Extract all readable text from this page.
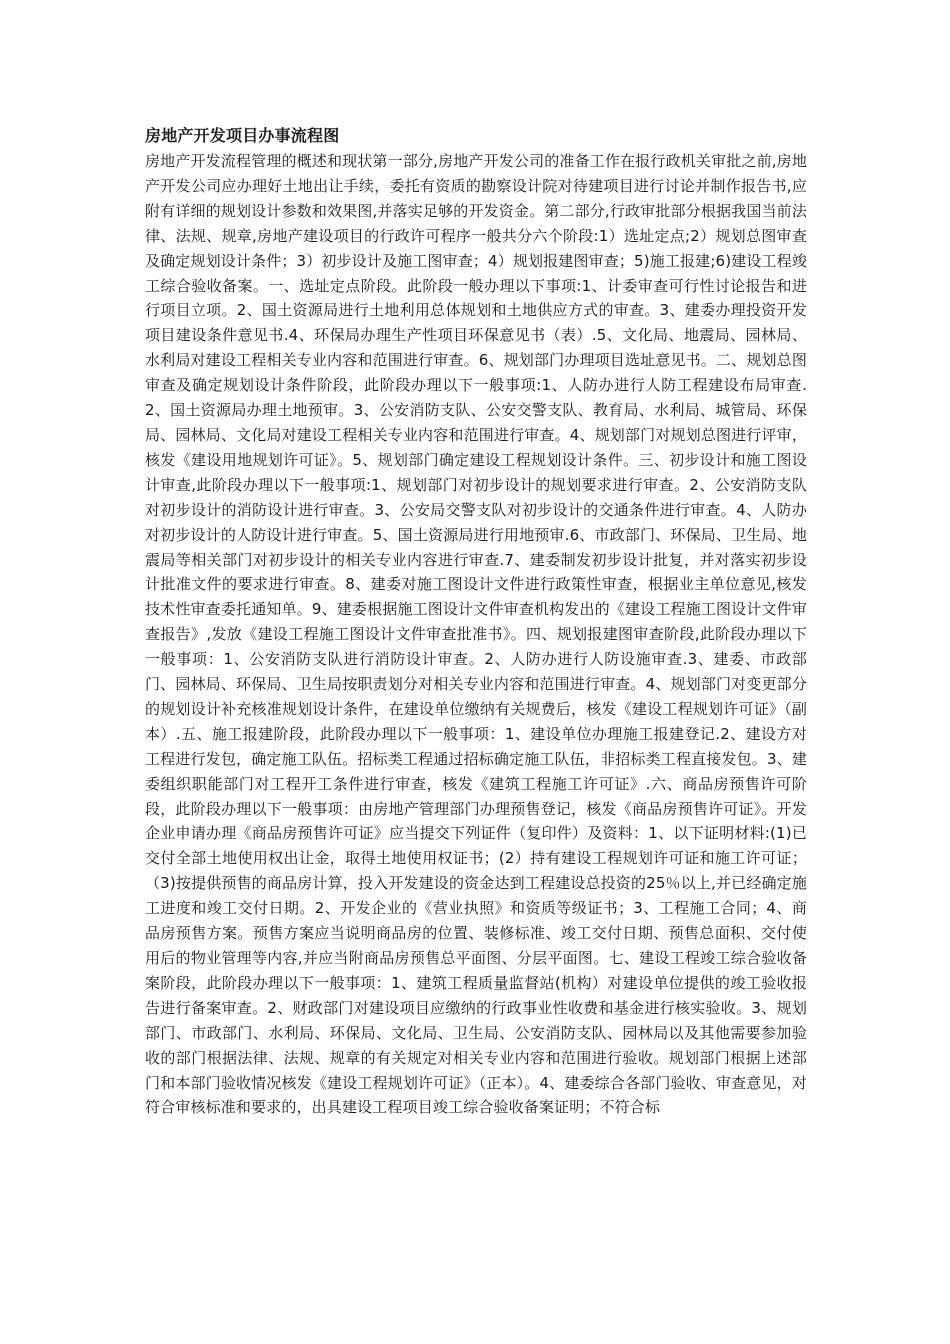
房地产开发项目办事流程图

房地产开发流程管理的概述和现状第一部分,房地产开发公司的准备工作在报行政机关审批之前,房地产开发公司应办理好土地出让手续，委托有资质的勘察设计院对待建项目进行讨论并制作报告书,应附有详细的规划设计参数和效果图,并落实足够的开发资金。第二部分,行政审批部分根据我国当前法律、法规、规章,房地产建设项目的行政许可程序一般共分六个阶段:1）选址定点;2）规划总图审查及确定规划设计条件；3）初步设计及施工图审查；4）规划报建图审查；5)施工报建;6)建设工程竣工综合验收备案。一、选址定点阶段。此阶段一般办理以下事项:1、计委审查可行性讨论报告和进行项目立项。2、国土资源局进行土地利用总体规划和土地供应方式的审查。3、建委办理投资开发项目建设条件意见书.4、环保局办理生产性项目环保意见书（表）.5、文化局、地震局、园林局、水利局对建设工程相关专业内容和范围进行审查。6、规划部门办理项目选址意见书。二、规划总图审查及确定规划设计条件阶段，此阶段办理以下一般事项:1、人防办进行人防工程建设布局审查.2、国土资源局办理土地预审。3、公安消防支队、公安交警支队、教育局、水利局、城管局、环保局、园林局、文化局对建设工程相关专业内容和范围进行审查。4、规划部门对规划总图进行评审，核发《建设用地规划许可证》。5、规划部门确定建设工程规划设计条件。三、初步设计和施工图设计审查,此阶段办理以下一般事项:1、规划部门对初步设计的规划要求进行审查。2、公安消防支队对初步设计的消防设计进行审查。3、公安局交警支队对初步设计的交通条件进行审查。4、人防办对初步设计的人防设计进行审查。5、国土资源局进行用地预审.6、市政部门、环保局、卫生局、地震局等相关部门对初步设计的相关专业内容进行审查.7、建委制发初步设计批复，并对落实初步设计批准文件的要求进行审查。8、建委对施工图设计文件进行政策性审查，根据业主单位意见,核发技术性审查委托通知单。9、建委根据施工图设计文件审查机构发出的《建设工程施工图设计文件审查报告》,发放《建设工程施工图设计文件审查批准书》。四、规划报建图审查阶段,此阶段办理以下一般事项：1、公安消防支队进行消防设计审查。2、人防办进行人防设施审查.3、建委、市政部门、园林局、环保局、卫生局按职责划分对相关专业内容和范围进行审查。4、规划部门对变更部分的规划设计补充核准规划设计条件，在建设单位缴纳有关规费后，核发《建设工程规划许可证》（副本）.五、施工报建阶段，此阶段办理以下一般事项：1、建设单位办理施工报建登记.2、建设方对工程进行发包，确定施工队伍。招标类工程通过招标确定施工队伍，非招标类工程直接发包。3、建委组织职能部门对工程开工条件进行审查，核发《建筑工程施工许可证》.六、商品房预售许可阶段，此阶段办理以下一般事项：由房地产管理部门办理预售登记，核发《商品房预售许可证》。开发企业申请办理《商品房预售许可证》应当提交下列证件（复印件）及资料：1、以下证明材料:(1)已交付全部土地使用权出让金，取得土地使用权证书；(2）持有建设工程规划许可证和施工许可证；（3)按提供预售的商品房计算，投入开发建设的资金达到工程建设总投资的25％以上,并已经确定施工进度和竣工交付日期。2、开发企业的《营业执照》和资质等级证书；3、工程施工合同；4、商品房预售方案。预售方案应当说明商品房的位置、装修标准、竣工交付日期、预售总面积、交付使用后的物业管理等内容,并应当附商品房预售总平面图、分层平面图。七、建设工程竣工综合验收备案阶段，此阶段办理以下一般事项：1、建筑工程质量监督站(机构）对建设单位提供的竣工验收报告进行备案审查。2、财政部门对建设项目应缴纳的行政事业性收费和基金进行核实验收。3、规划部门、市政部门、水利局、环保局、文化局、卫生局、公安消防支队、园林局以及其他需要参加验收的部门根据法律、法规、规章的有关规定对相关专业内容和范围进行验收。规划部门根据上述部门和本部门验收情况核发《建设工程规划许可证》（正本）。4、建委综合各部门验收、审查意见，对符合审核标准和要求的，出具建设工程项目竣工综合验收备案证明；不符合标
